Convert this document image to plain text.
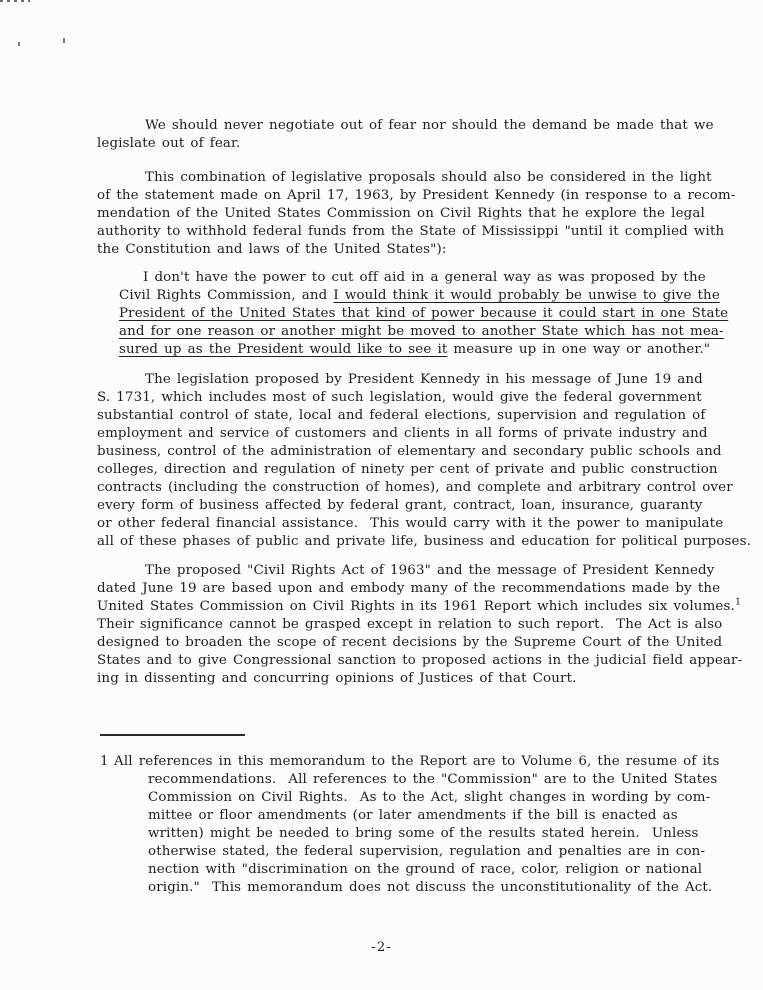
We should never negotiate out of fear nor should the demand be made that we
legislate out of fear.
This combination of legislative proposals should also be considered in the light
of the statement made on April 17, 1963, by President Kennedy (in response to a recom-
mendation of the United States Commission on Civil Rights that he explore the legal
authority to withhold federal funds from the State of Mississippi "until it complied with
the Constitution and laws of the United States"):
I don't have the power to cut off aid in a general way as was proposed by the
Civil Rights Commission, and I would think it would probably be unwise to give the
President of the United States that kind of power because it could start in one State
and for one reason or another might be moved to another State which has not mea-
sured up as the President would like to see it measure up in one way or another."
The legislation proposed by President Kennedy in his message of June 19 and
S. 1731, which includes most of such legislation, would give the federal government
substantial control of state, local and federal elections, supervision and regulation of
employment and service of customers and clients in all forms of private industry and
business, control of the administration of elementary and secondary public schools and
colleges, direction and regulation of ninety per cent of private and public construction
contracts (including the construction of homes), and complete and arbitrary control over
every form of business affected by federal grant, contract, loan, insurance, guaranty
or other federal financial assistance.  This would carry with it the power to manipulate
all of these phases of public and private life, business and education for political purposes.
The proposed "Civil Rights Act of 1963" and the message of President Kennedy
dated June 19 are based upon and embody many of the recommendations made by the
United States Commission on Civil Rights in its 1961 Report which includes six volumes.$^1$
Their significance cannot be grasped except in relation to such report.  The Act is also
designed to broaden the scope of recent decisions by the Supreme Court of the United
States and to give Congressional sanction to proposed actions in the judicial field appear-
ing in dissenting and concurring opinions of Justices of that Court.
1 All references in this memorandum to the Report are to Volume 6, the resume of its
recommendations.  All references to the "Commission" are to the United States
Commission on Civil Rights.  As to the Act, slight changes in wording by com-
mittee or floor amendments (or later amendments if the bill is enacted as
written) might be needed to bring some of the results stated herein.  Unless
otherwise stated, the federal supervision, regulation and penalties are in con-
nection with "discrimination on the ground of race, color, religion or national
origin."  This memorandum does not discuss the unconstitutionality of the Act.
-2-
